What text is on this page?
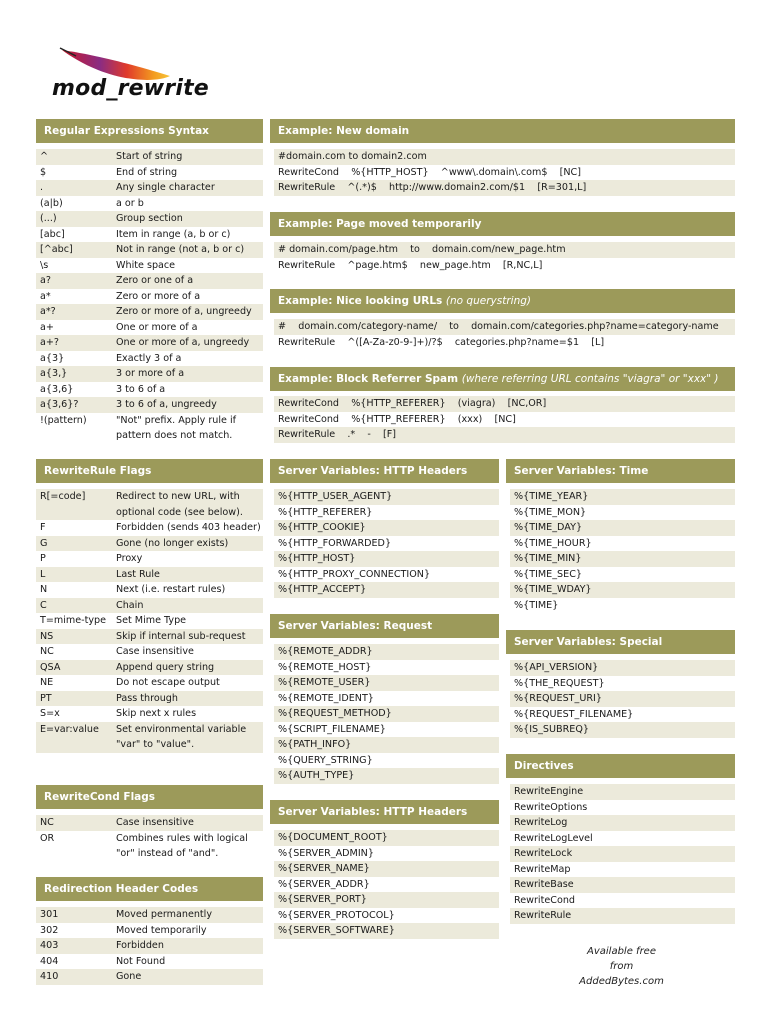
mod_rewrite
Regular Expressions Syntax
^	Start of string
$	End of string
.	Any single character
(a|b)	a or b
(...)	Group section
[abc]	Item in range (a, b or c)
[^abc]	Not in range (not a, b or c)
\s	White space
a?	Zero or one of a
a*	Zero or more of a
a*?	Zero or more of a, ungreedy
a+	One or more of a
a+?	One or more of a, ungreedy
a{3}	Exactly 3 of a
a{3,}	3 or more of a
a{3,6}	3 to 6 of a
a{3,6}?	3 to 6 of a, ungreedy
!(pattern)	"Not" prefix. Apply rule if pattern does not match.
RewriteRule Flags
R[=code]	Redirect to new URL, with optional code (see below).
F	Forbidden (sends 403 header)
G	Gone (no longer exists)
P	Proxy
L	Last Rule
N	Next (i.e. restart rules)
C	Chain
T=mime-type	Set Mime Type
NS	Skip if internal sub-request
NC	Case insensitive
QSA	Append query string
NE	Do not escape output
PT	Pass through
S=x	Skip next x rules
E=var:value	Set environmental variable "var" to "value".
RewriteCond Flags
NC	Case insensitive
OR	Combines rules with logical "or" instead of "and".
Redirection Header Codes
301	Moved permanently
302	Moved temporarily
403	Forbidden
404	Not Found
410	Gone
Example: New domain
#domain.com to domain2.com
RewriteCond    %{HTTP_HOST}    ^www\.domain\.com$    [NC]
RewriteRule    ^(.*)$    http://www.domain2.com/$1    [R=301,L]
Example: Page moved temporarily
# domain.com/page.htm    to    domain.com/new_page.htm
RewriteRule    ^page.htm$    new_page.htm    [R,NC,L]
Example: Nice looking URLs (no querystring)
#    domain.com/category-name/    to    domain.com/categories.php?name=category-name
RewriteRule    ^([A-Za-z0-9-]+)/?$    categories.php?name=$1    [L]
Example: Block Referrer Spam (where referring URL contains "viagra" or "xxx" )
RewriteCond    %{HTTP_REFERER}    (viagra)    [NC,OR]
RewriteCond    %{HTTP_REFERER}    (xxx)    [NC]
RewriteRule    .*    -    [F]
Server Variables: HTTP Headers
%{HTTP_USER_AGENT}
%{HTTP_REFERER}
%{HTTP_COOKIE}
%{HTTP_FORWARDED}
%{HTTP_HOST}
%{HTTP_PROXY_CONNECTION}
%{HTTP_ACCEPT}
Server Variables: Request
%{REMOTE_ADDR}
%{REMOTE_HOST}
%{REMOTE_USER}
%{REMOTE_IDENT}
%{REQUEST_METHOD}
%{SCRIPT_FILENAME}
%{PATH_INFO}
%{QUERY_STRING}
%{AUTH_TYPE}
Server Variables: HTTP Headers
%{DOCUMENT_ROOT}
%{SERVER_ADMIN}
%{SERVER_NAME}
%{SERVER_ADDR}
%{SERVER_PORT}
%{SERVER_PROTOCOL}
%{SERVER_SOFTWARE}
Server Variables: Time
%{TIME_YEAR}
%{TIME_MON}
%{TIME_DAY}
%{TIME_HOUR}
%{TIME_MIN}
%{TIME_SEC}
%{TIME_WDAY}
%{TIME}
Server Variables: Special
%{API_VERSION}
%{THE_REQUEST}
%{REQUEST_URI}
%{REQUEST_FILENAME}
%{IS_SUBREQ}
Directives
RewriteEngine
RewriteOptions
RewriteLog
RewriteLogLevel
RewriteLock
RewriteMap
RewriteBase
RewriteCond
RewriteRule
Available free from
AddedBytes.com
